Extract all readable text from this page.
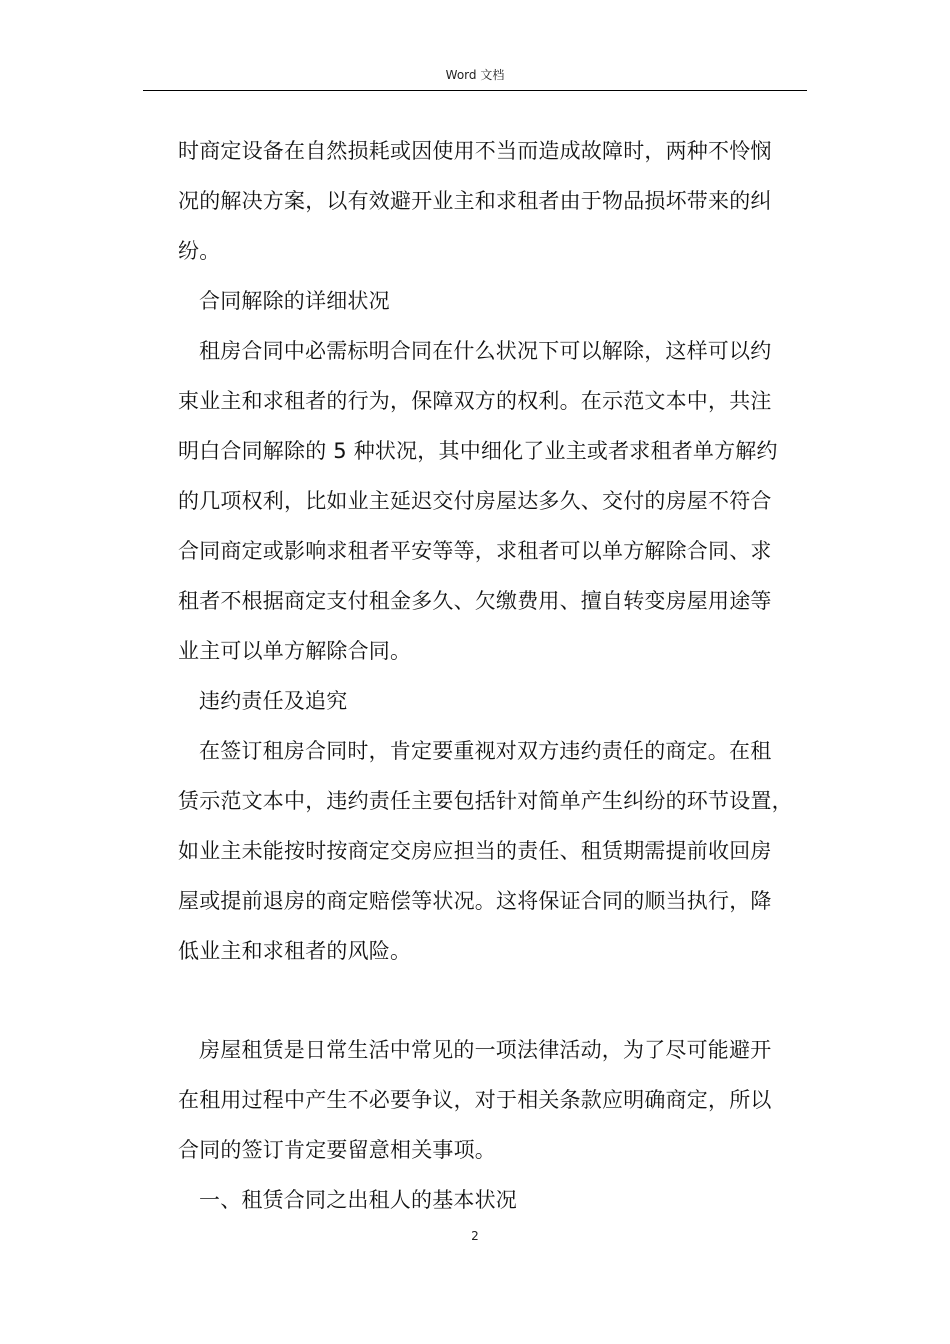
Word 文档
时商定设备在自然损耗或因使用不当而造成故障时，两种不怜悯
况的解决方案，以有效避开业主和求租者由于物品损坏带来的纠
纷。
合同解除的详细状况
租房合同中必需标明合同在什么状况下可以解除，这样可以约
束业主和求租者的行为，保障双方的权利。在示范文本中，共注
明白合同解除的 5 种状况，其中细化了业主或者求租者单方解约
的几项权利，比如业主延迟交付房屋达多久、交付的房屋不符合
合同商定或影响求租者平安等等，求租者可以单方解除合同、求
租者不根据商定支付租金多久、欠缴费用、擅自转变房屋用途等
业主可以单方解除合同。
违约责任及追究
在签订租房合同时，肯定要重视对双方违约责任的商定。在租
赁示范文本中，违约责任主要包括针对简单产生纠纷的环节设置，
如业主未能按时按商定交房应担当的责任、租赁期需提前收回房
屋或提前退房的商定赔偿等状况。这将保证合同的顺当执行，降
低业主和求租者的风险。
房屋租赁是日常生活中常见的一项法律活动，为了尽可能避开
在租用过程中产生不必要争议，对于相关条款应明确商定，所以
合同的签订肯定要留意相关事项。
一、租赁合同之出租人的基本状况
2
